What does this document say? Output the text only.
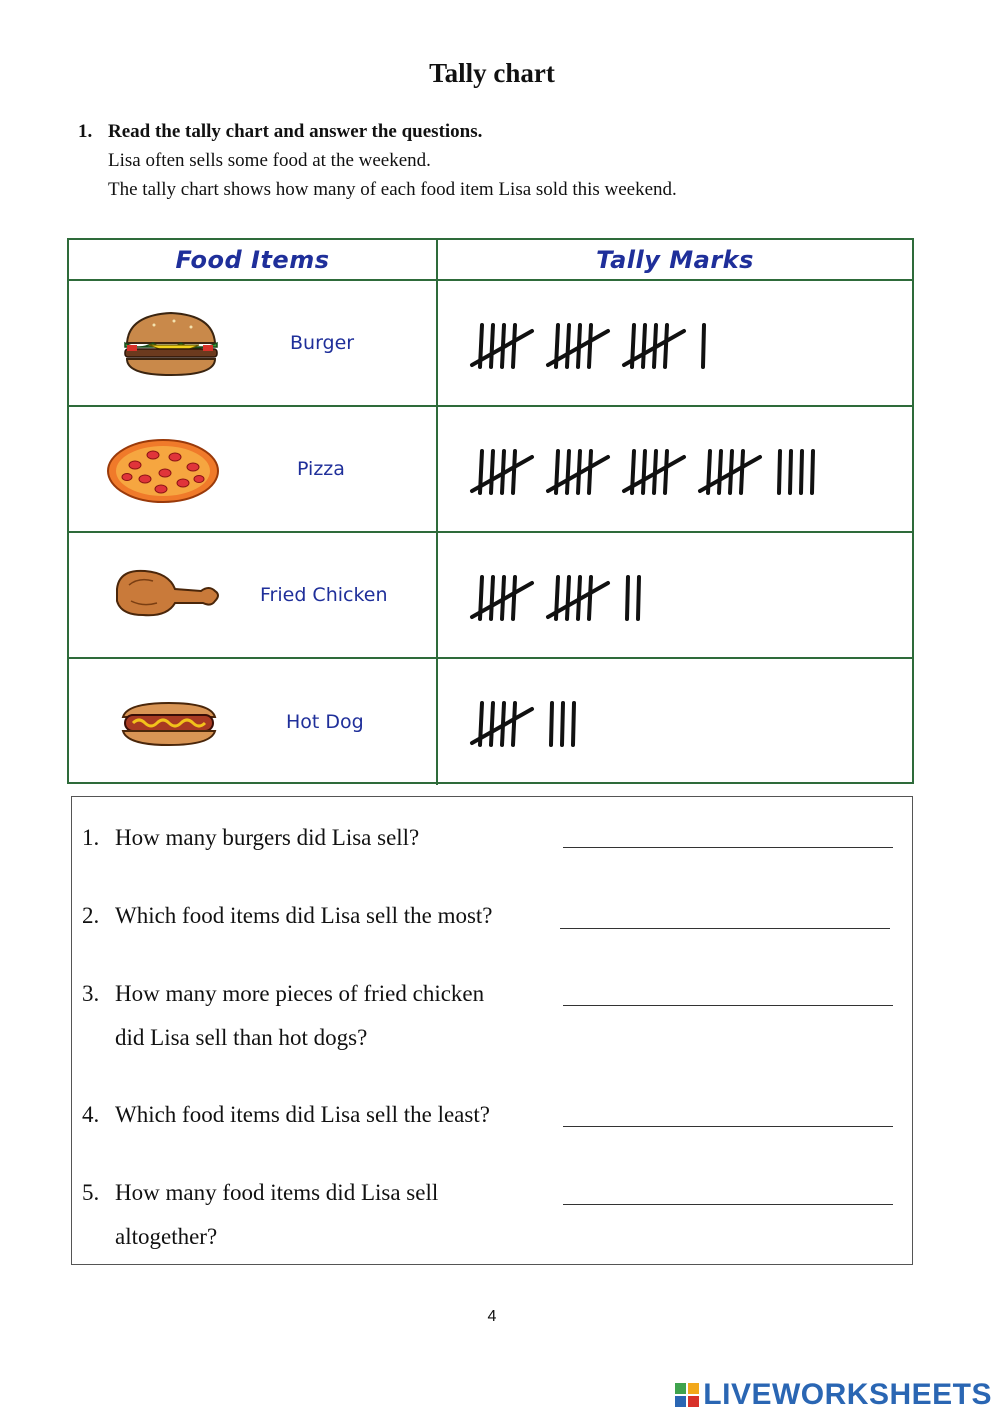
Tally chart
1. Read the tally chart and answer the questions.
Lisa often sells some food at the weekend.
The tally chart shows how many of each food item Lisa sold this weekend.
Food Items	Tally Marks
Burger
Pizza
Fried Chicken
Hot Dog
1. How many burgers did Lisa sell?
2. Which food items did Lisa sell the most?
3. How many more pieces of fried chicken
did Lisa sell than hot dogs?
4. Which food items did Lisa sell the least?
5. How many food items did Lisa sell
altogether?
4
LIVEWORKSHEETS
